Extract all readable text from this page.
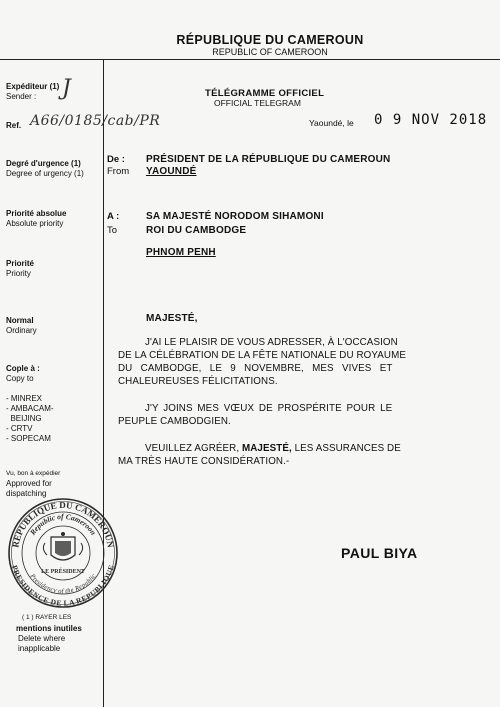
RÉPUBLIQUE DU CAMEROUN
REPUBLIC OF CAMEROON
Expéditeur (1)
Sender : J
Ref. A66/0185/cab/PR
Degré d'urgence (1)
Degree of urgency (1)
Priorité absolue
Absolute priority
Priorité
Priority
Normal
Ordinary
Cople à :
Copy to
- MINREX
- AMBACAM-
BEIJING
- CRTV
- SOPECAM
Vu, bon à expédier
Approved for
dispatching
REPUBLIQUE DU CAMEROUN
Republic of Cameroon
Presidency of the Republic
PRESIDENCE DE LA REPUBLIQUE
LE PRÉSIDENT
( 1 ) RAYER LES
mentions inutiles
Delete where
inapplicable
TÉLÉGRAMME OFFICIEL
OFFICIAL TELEGRAM
Yaoundé, le 0 9 NOV 2018
De :
From
PRÉSIDENT DE LA RÉPUBLIQUE DU CAMEROUN
YAOUNDÉ
A :
To
SA MAJESTÉ NORODOM SIHAMONI
ROI DU CAMBODGE
PHNOM PENH
MAJESTÉ,
J'AI LE PLAISIR DE VOUS ADRESSER, À L'OCCASION
DE LA CÉLÉBRATION DE LA FÊTE NATIONALE DU ROYAUME
DU CAMBODGE, LE 9 NOVEMBRE, MES VIVES ET
CHALEUREUSES FÉLICITATIONS.
J'Y JOINS MES VŒUX DE PROSPÉRITE POUR LE
PEUPLE CAMBODGIEN.
VEUILLEZ AGRÉER, MAJESTÉ, LES ASSURANCES DE
MA TRÈS HAUTE CONSIDÉRATION.-
PAUL BIYA
